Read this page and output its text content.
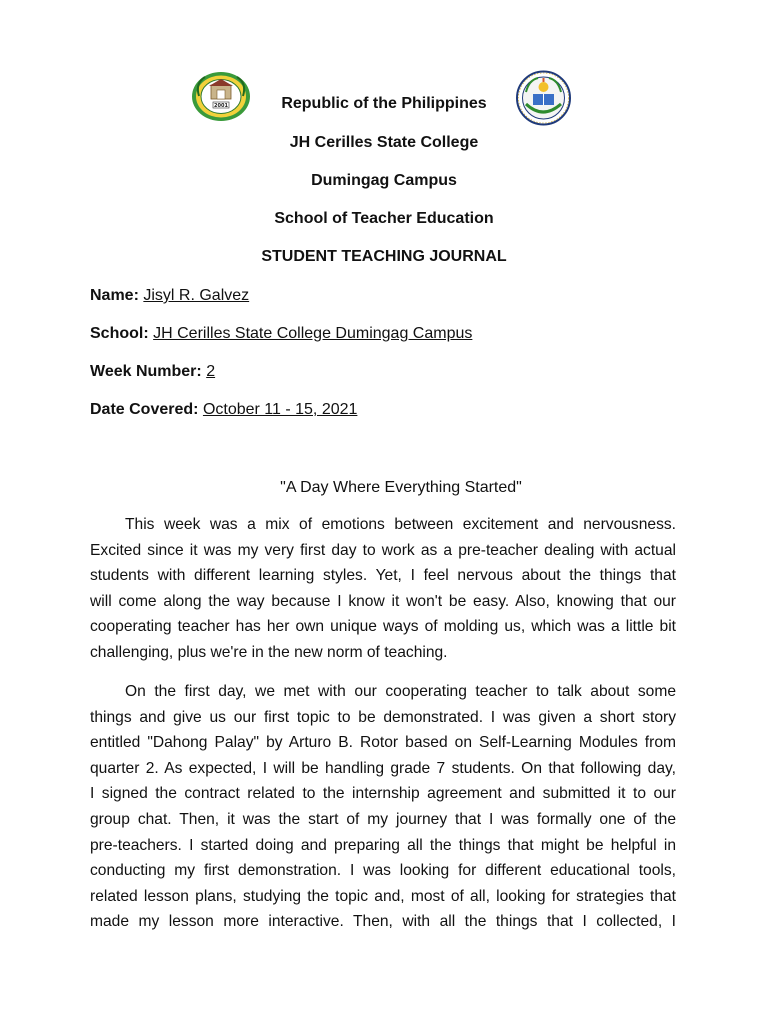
2001	Republic of the Philippines
JH Cerilles State College
Dumingag Campus
School of Teacher Education
STUDENT TEACHING JOURNAL
Name: Jisyl R. Galvez
School: JH Cerilles State College Dumingag Campus
Week Number: 2
Date Covered: October 11 - 15, 2021
"A Day Where Everything Started"
This week was a mix of emotions between excitement and nervousness.
Excited since it was my very first day to work as a pre-teacher dealing with actual
students with different learning styles. Yet, I feel nervous about the things that
will come along the way because I know it won't be easy. Also, knowing that our
cooperating teacher has her own unique ways of molding us, which was a little bit
challenging, plus we're in the new norm of teaching.
On the first day, we met with our cooperating teacher to talk about some
things and give us our first topic to be demonstrated. I was given a short story
entitled "Dahong Palay" by Arturo B. Rotor based on Self-Learning Modules from
quarter 2. As expected, I will be handling grade 7 students. On that following day,
I signed the contract related to the internship agreement and submitted it to our
group chat. Then, it was the start of my journey that I was formally one of the
pre-teachers. I started doing and preparing all the things that might be helpful in
conducting my first demonstration. I was looking for different educational tools,
related lesson plans, studying the topic and, most of all, looking for strategies that
made my lesson more interactive. Then, with all the things that I collected, I
